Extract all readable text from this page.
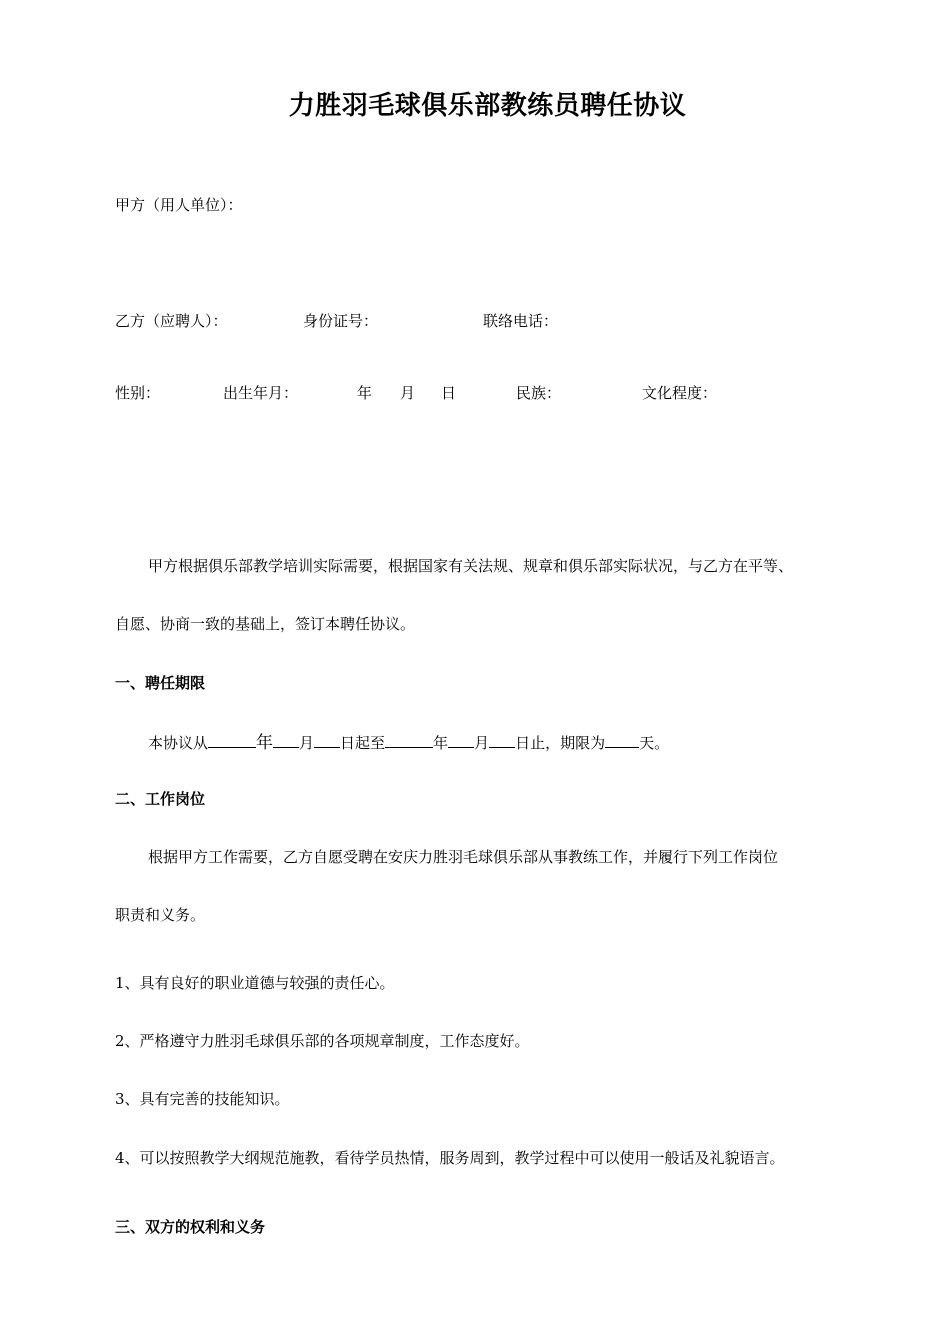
力胜羽毛球俱乐部教练员聘任协议
甲方（用人单位）：
乙方（应聘人）：	身份证号：	联络电话：
性别：	出生年月：	年 月 日	民族：	文化程度：
甲方根据俱乐部教学培训实际需要，根据国家有关法规、规章和俱乐部实际状况，与乙方在平等、
自愿、协商一致的基础上，签订本聘任协议。
一、聘任期限
本协议从	年 月 日起至	年 月 日止，期限为 天。
二、工作岗位
根据甲方工作需要，乙方自愿受聘在安庆力胜羽毛球俱乐部从事教练工作，并履行下列工作岗位
职责和义务。
1、具有良好的职业道德与较强的责任心。
2、严格遵守力胜羽毛球俱乐部的各项规章制度，工作态度好。
3、具有完善的技能知识。
4、可以按照教学大纲规范施教，看待学员热情，服务周到，教学过程中可以使用一般话及礼貌语言。
三、双方的权利和义务
